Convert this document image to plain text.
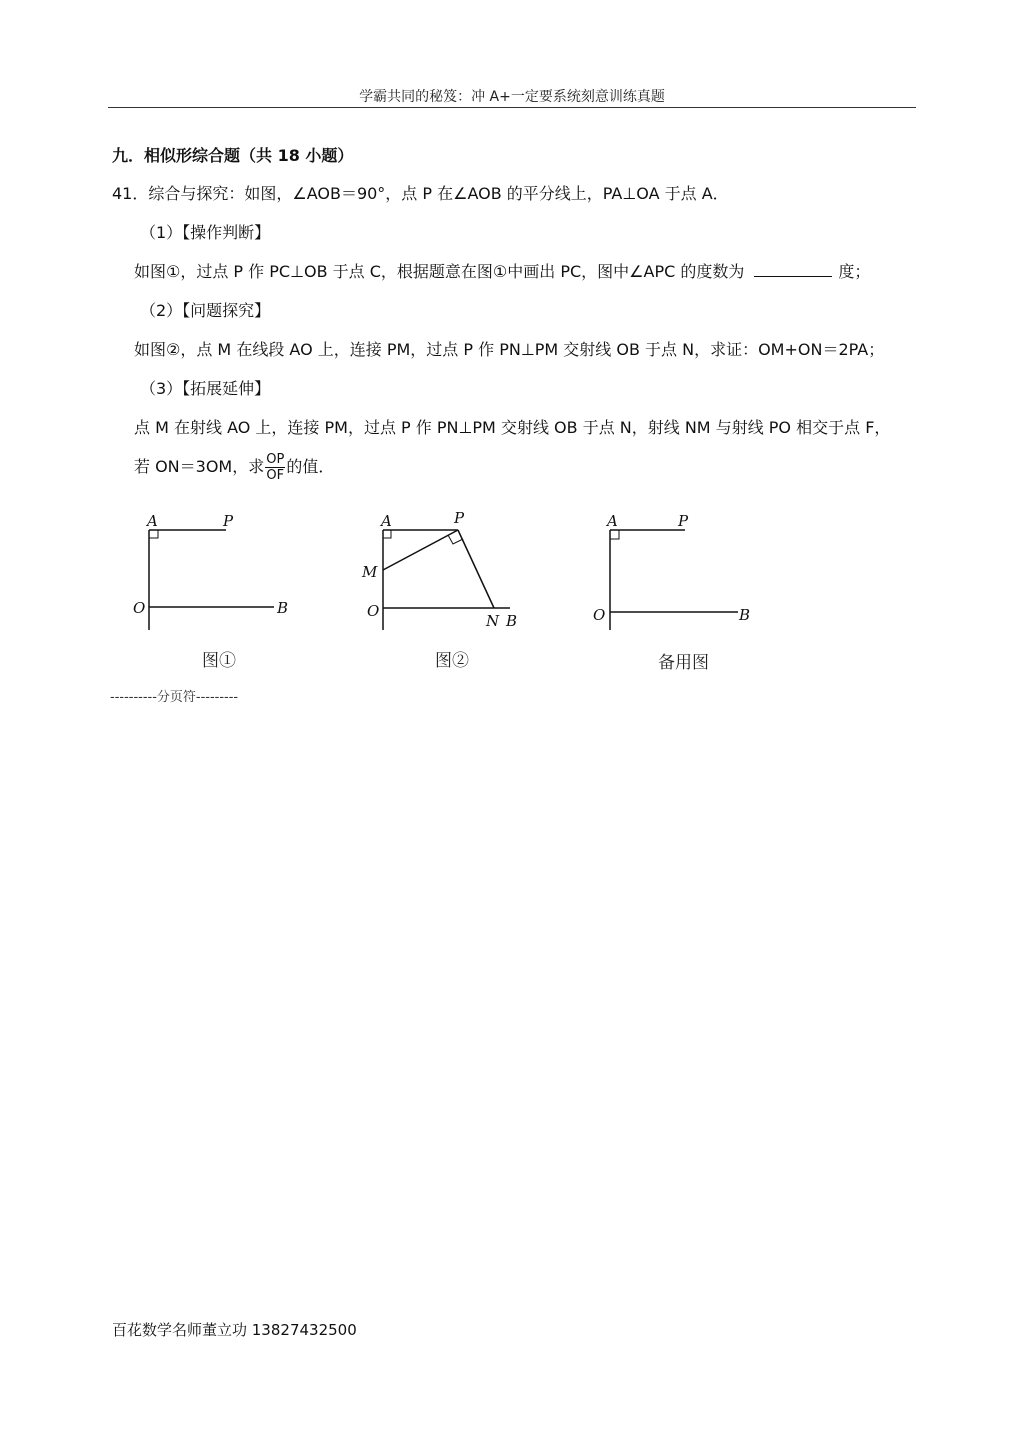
学霸共同的秘笈：冲 A+一定要系统刻意训练真题
九．相似形综合题（共 18 小题）
41．综合与探究：如图，∠AOB＝90°，点 P 在∠AOB 的平分线上，PA⊥OA 于点 A．
（1）【操作判断】
如图①，过点 P 作 PC⊥OB 于点 C，根据题意在图①中画出 PC，图中∠APC 的度数为	度；
（2）【问题探究】
如图②，点 M 在线段 AO 上，连接 PM，过点 P 作 PN⊥PM 交射线 OB 于点 N，求证：OM+ON＝2PA；
（3）【拓展延伸】
点 M 在射线 AO 上，连接 PM，过点 P 作 PN⊥PM 交射线 OB 于点 N，射线 NM 与射线 PO 相交于点 F，
若 ON＝3OM，求 $\frac{OP}{OF}$ 的值．
A	P
O	B
A	P
M
O
N B
A	P
O	B
图①	图②	备用图
----------分页符---------
百花数学名师董立功 13827432500
